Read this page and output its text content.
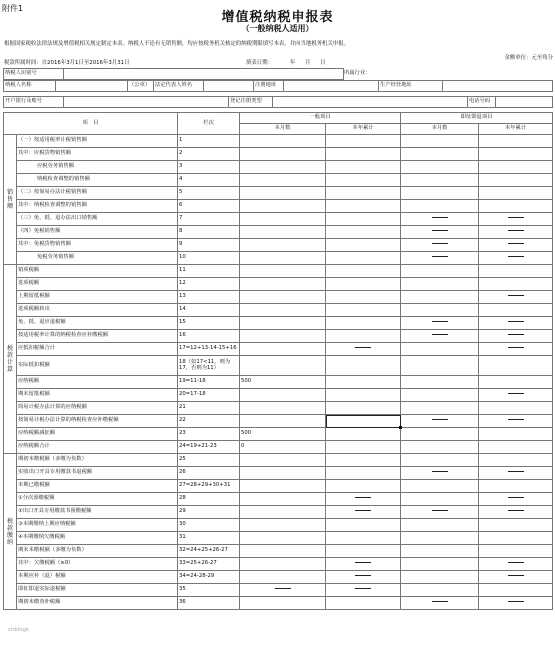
附件1
增值税纳税申报表
（一般纳税人适用）
根据国家税收法律法规及增值税相关规定制定本表。纳税人不论有无销售额，均应按税务机关核定的纳税期限填写本表，并向当地税务机关申报。
税款所属时间：自2016年3月1日至2016年3月31日	填表日期：	年 月 日
金额单位：元至角分
纳税人识别号		所属行业：
纳税人名称		（公章）	法定代表人姓名		注册地址		生产经营地址	
开户银行及账号		登记注册类型		电话号码	
项　目		栏次	一般项目		即征即退项目	
			本月数	本年累计	本月数	本年累计
销售额	（一）按适用税率计税销售额	1				
	其中：应税货物销售额	2				
	应税劳务销售额	3				
	纳税检查调整的销售额	4				
	（二）按简易办法计税销售额	5				
	其中：纳税检查调整的销售额	6				
	（三）免、抵、退办法出口销售额	7				
	（四）免税销售额	8				
	其中：免税货物销售额	9				
	免税劳务销售额	10				
税款计算	销项税额	11				
	进项税额	12				
	上期留抵税额	13				
	进项税额转出	14				
	免、抵、退应退税额	15				
	按适用税率计算的纳税检查应补缴税额	16				
	应抵扣税额合计	17=12+13-14-15+16				
	实际抵扣税额	18（如17<11，则为17，否则为11）				
	应纳税额	19=11-18	500			
	期末留抵税额	20=17-18				
	简易计税办法计算的应纳税额	21				
	按简易计税办法计算的纳税检查应补缴税额	22				
	应纳税额减征额	23	500			
	应纳税额合计	24=19+21-23	0			
税款缴纳	期初未缴税额（多缴为负数）	25				
	实收出口开具专用缴款书退税额	26				
	本期已缴税额	27=28+29+30+31				
	①分次预缴税额	28				
	②出口开具专用缴款书预缴税额	29				
	③本期缴纳上期应纳税额	30				
	④本期缴纳欠缴税额	31				
	期末未缴税额（多缴为负数）	32=24+25+26-27				
	其中：欠缴税额（≥0）	33=25+26-27				
	本期应补（退）税额	34=24-28-29				
	即征即退实际退税额	35				
	期初未缴查补税额	36				
cnblogs
